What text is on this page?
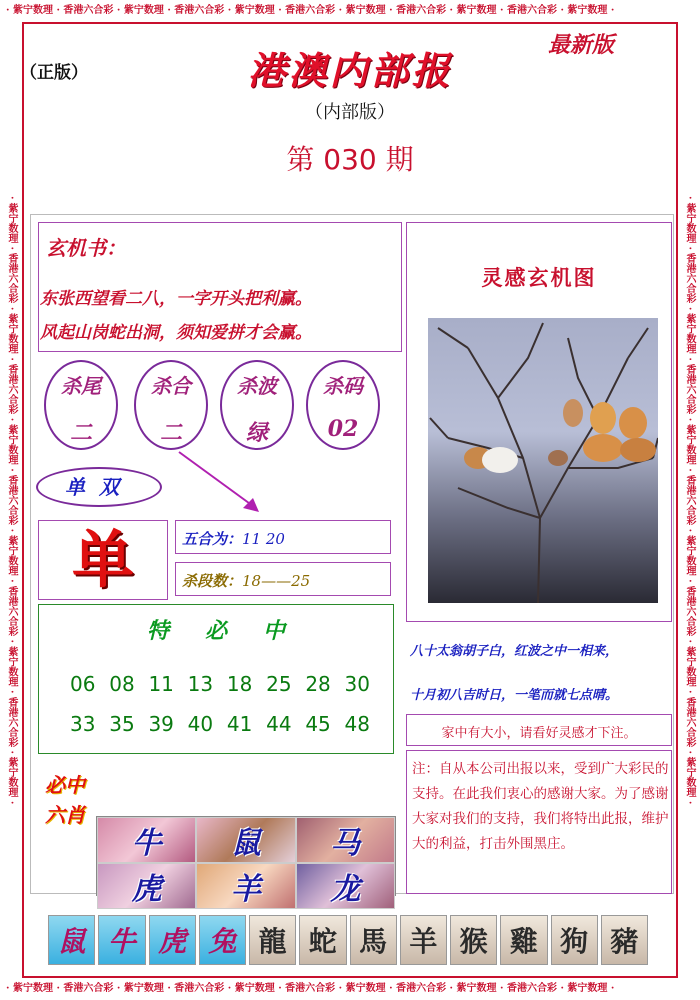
· 紫宁数理 · 香港六合彩 · 紫宁数理 · 香港六合彩 · 紫宁数理 · 香港六合彩 · 紫宁数理 · 香港六合彩 · 紫宁数理 · 香港六合彩 · 紫宁数理 ·
· 紫宁数理 · 香港六合彩 · 紫宁数理 · 香港六合彩 · 紫宁数理 · 香港六合彩 · 紫宁数理 · 香港六合彩 · 紫宁数理 · 香港六合彩 · 紫宁数理 ·
· 紫宁数理 · 香港六合彩 · 紫宁数理 · 香港六合彩 · 紫宁数理 · 香港六合彩 · 紫宁数理 · 香港六合彩 · 紫宁数理 · 香港六合彩 · 紫宁数理 ·	· 紫宁数理 · 香港六合彩 · 紫宁数理 · 香港六合彩 · 紫宁数理 · 香港六合彩 · 紫宁数理 · 香港六合彩 · 紫宁数理 · 香港六合彩 · 紫宁数理 ·
（正版）
最新版
港澳内部报
（内部版）
第 030 期
玄机书：
东张西望看二八，一字开头把利赢。
风起山岗蛇出洞，须知爱拼才会赢。
杀尾
二
杀合
二
杀波
绿
杀码
02
单双
单	五合为：11 20
杀段数：18——25
特必中
06 08 11 13 18 25 28 30
33 35 39 40 41 44 45 48
必中六肖
牛 鼠 马
虎 羊 龙
灵感玄机图
八十太翁胡子白，红波之中一相来，
十月初八吉时日，一笔而就七点晴。
家中有大小，请看好灵感才下注。
注：自从本公司出报以来，受到广大彩民的支持。在此我们衷心的感谢大家。为了感谢大家对我们的支持，我们将特出此报，维护大的利益，打击外围黑庄。
鼠 牛 虎 兔 龍 蛇 馬 羊 猴 雞 狗 豬
